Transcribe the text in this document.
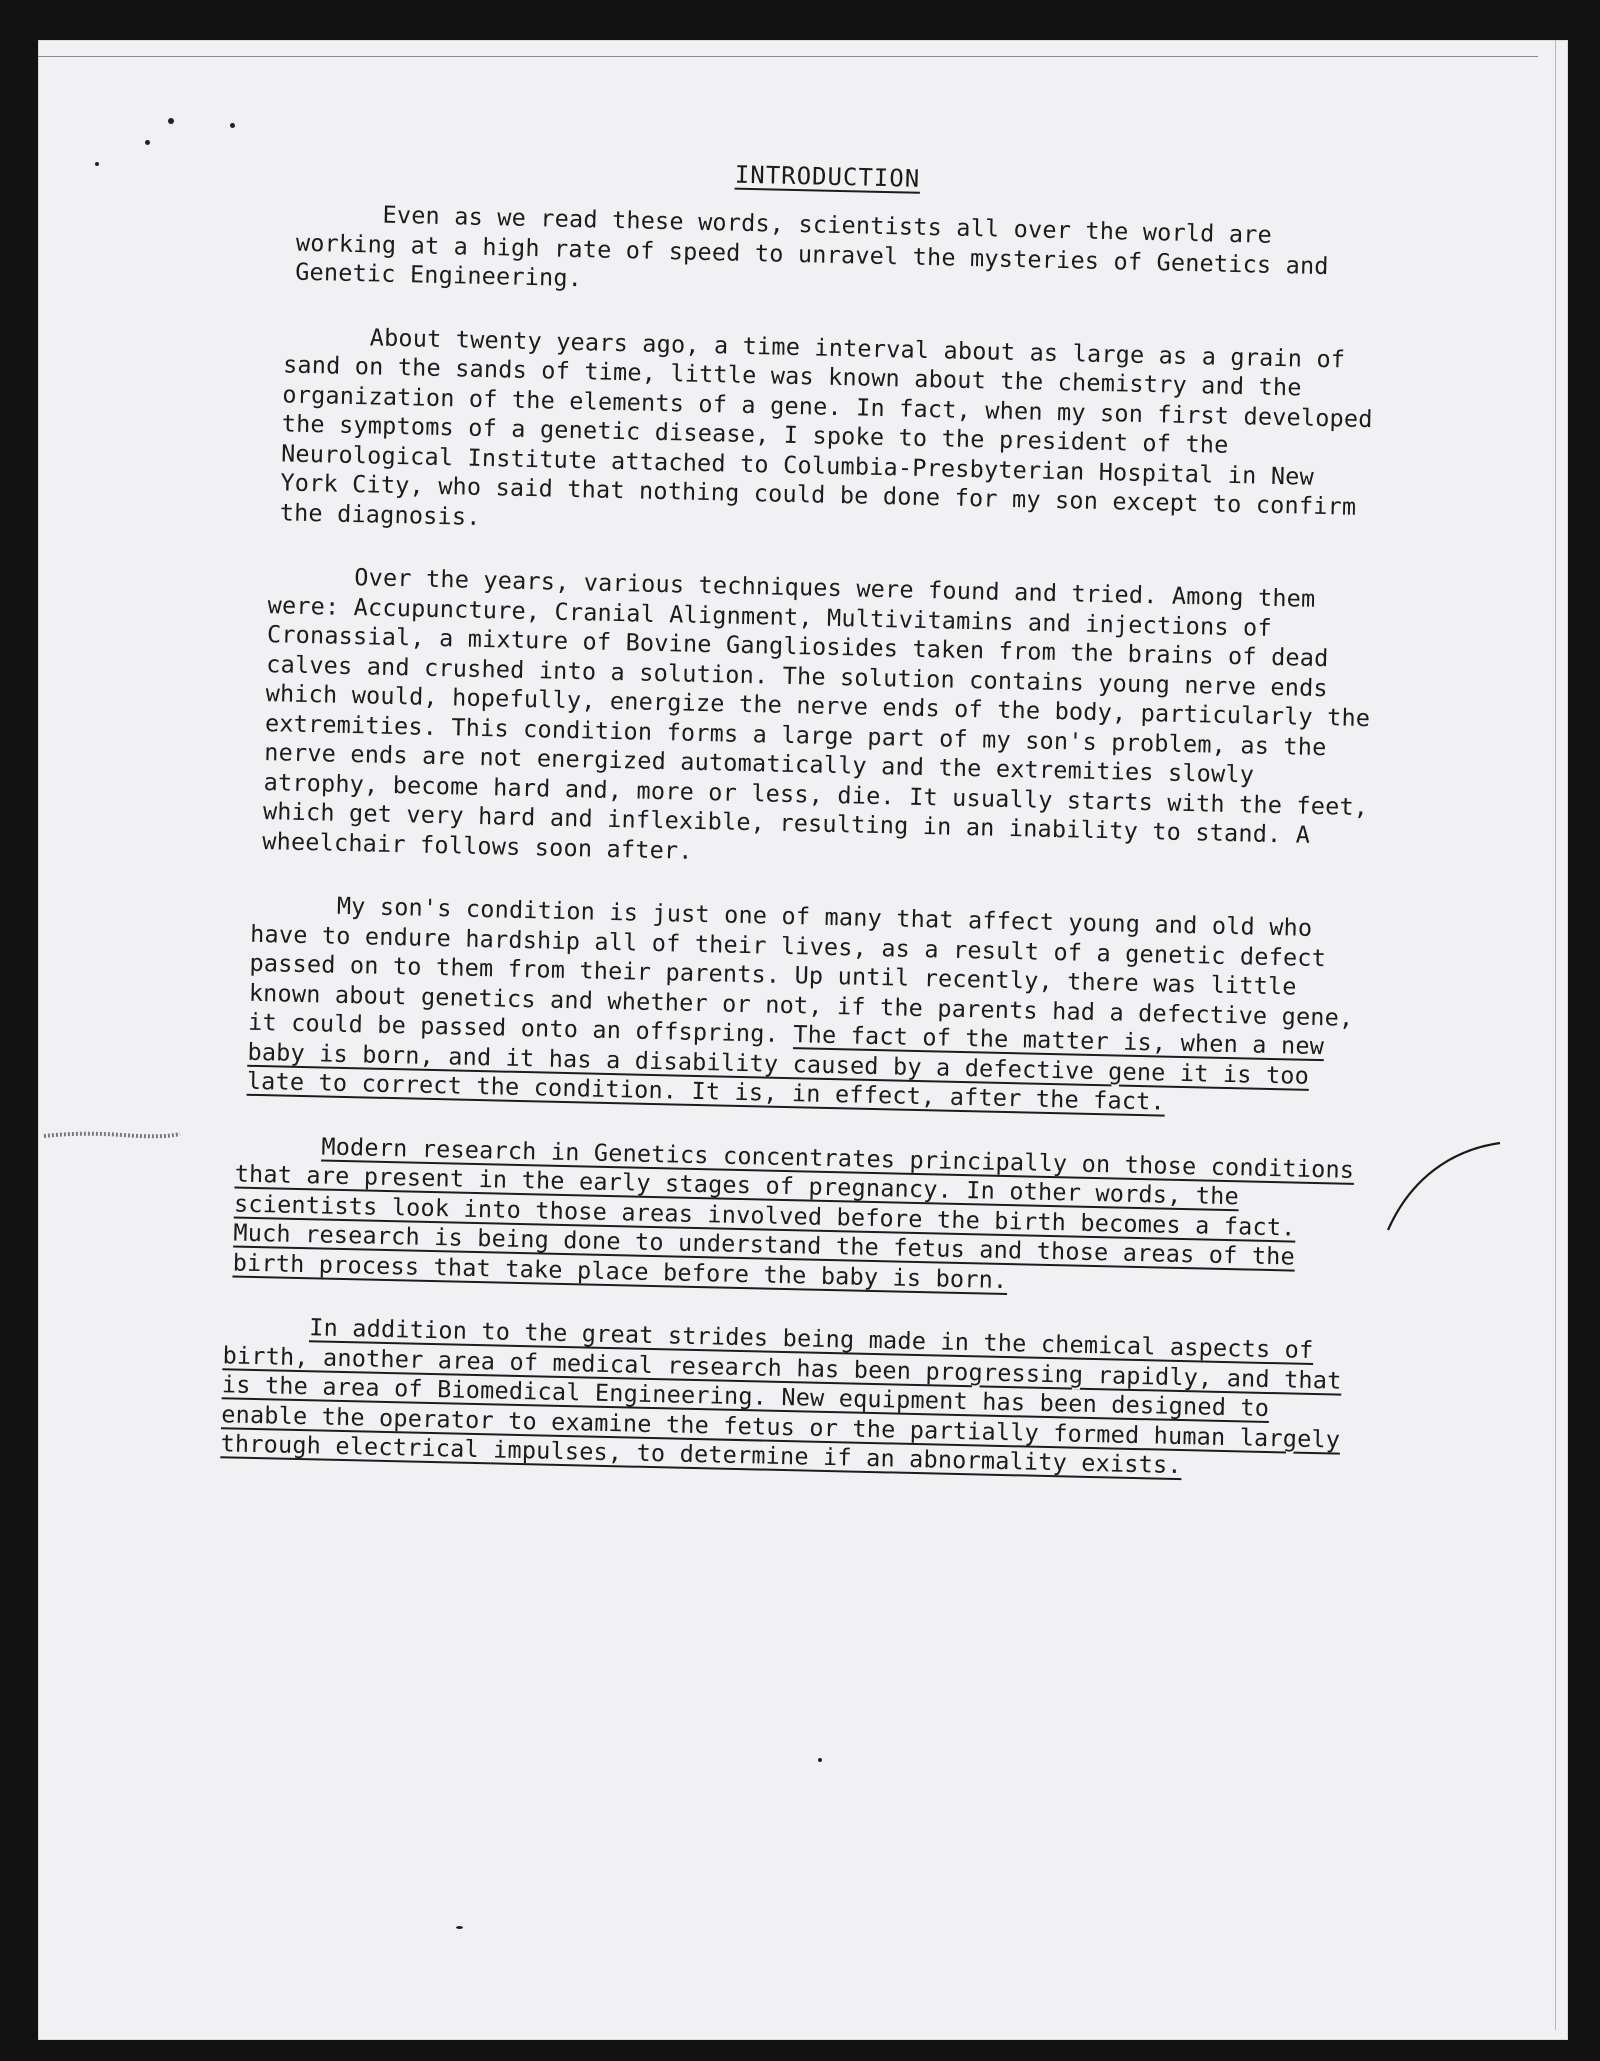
INTRODUCTION

Even as we read these words, scientists all over the world are working at a high rate of speed to unravel the mysteries of Genetics and Genetic Engineering.

About twenty years ago, a time interval about as large as a grain of sand on the sands of time, little was known about the chemistry and the organization of the elements of a gene. In fact, when my son first developed the symptoms of a genetic disease, I spoke to the president of the Neurological Institute attached to Columbia-Presbyterian Hospital in New York City, who said that nothing could be done for my son except to confirm the diagnosis.

Over the years, various techniques were found and tried. Among them were: Accupuncture, Cranial Alignment, Multivitamins and injections of Cronassial, a mixture of Bovine Gangliosides taken from the brains of dead calves and crushed into a solution. The solution contains young nerve ends which would, hopefully, energize the nerve ends of the body, particularly the extremities. This condition forms a large part of my son's problem, as the nerve ends are not energized automatically and the extremities slowly atrophy, become hard and, more or less, die. It usually starts with the feet, which get very hard and inflexible, resulting in an inability to stand. A wheelchair follows soon after.

My son's condition is just one of many that affect young and old who have to endure hardship all of their lives, as a result of a genetic defect passed on to them from their parents. Up until recently, there was little known about genetics and whether or not, if the parents had a defective gene, it could be passed onto an offspring. The fact of the matter is, when a new baby is born, and it has a disability caused by a defective gene it is too late to correct the condition. It is, in effect, after the fact.

Modern research in Genetics concentrates principally on those conditions that are present in the early stages of pregnancy. In other words, the scientists look into those areas involved before the birth becomes a fact. Much research is being done to understand the fetus and those areas of the birth process that take place before the baby is born.

In addition to the great strides being made in the chemical aspects of birth, another area of medical research has been progressing rapidly, and that is the area of Biomedical Engineering. New equipment has been designed to enable the operator to examine the fetus or the partially formed human largely through electrical impulses, to determine if an abnormality exists.
